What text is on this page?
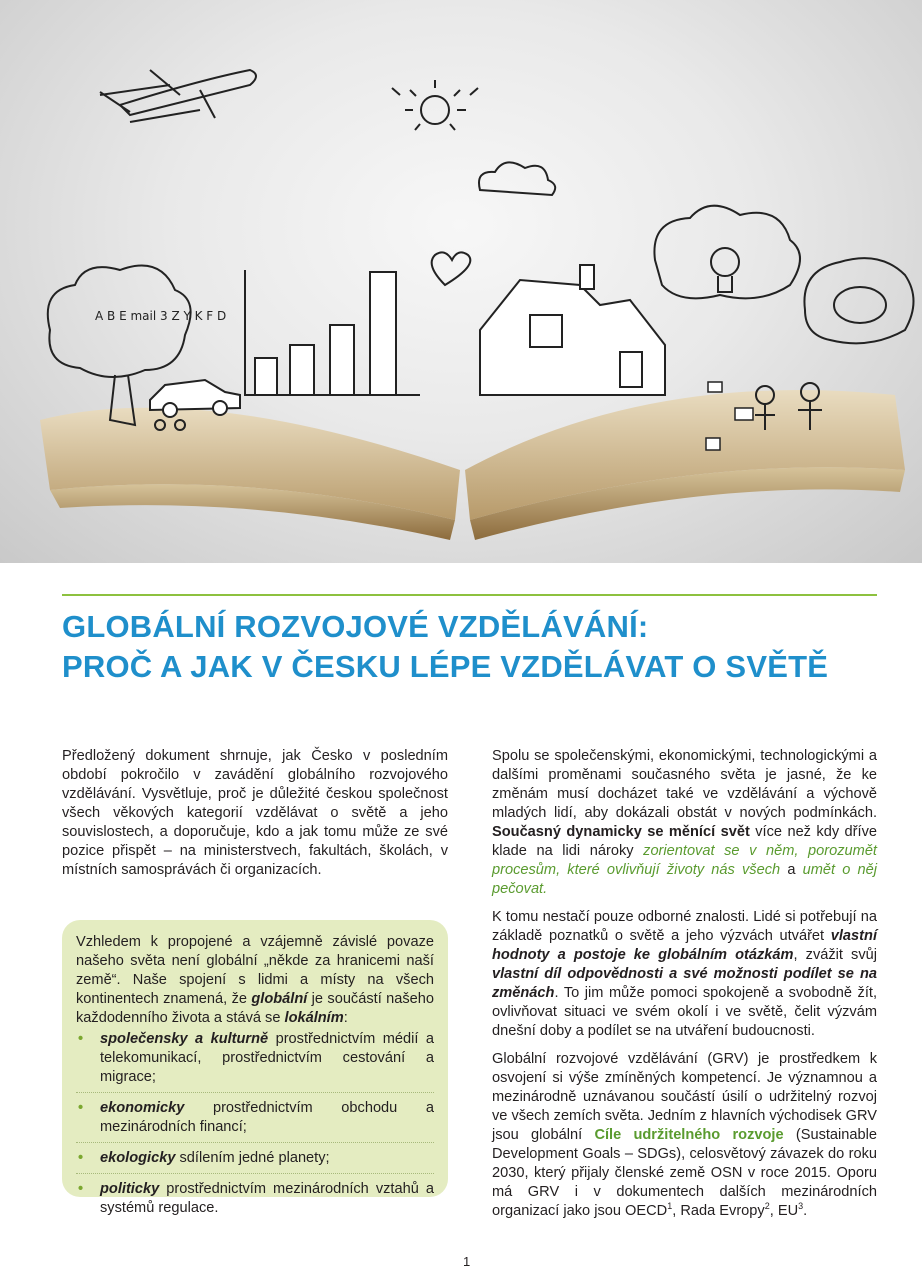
A B E mail 3 Z Y K F D
GLOBÁLNÍ ROZVOJOVÉ VZDĚLÁVÁNÍ:
PROČ A JAK V ČESKU LÉPE VZDĚLÁVAT O SVĚTĚ

Předložený dokument shrnuje, jak Česko v posledním období pokročilo v zavádění globálního rozvojového vzdělávání. Vysvětluje, proč je důležité českou společnost všech věkových kategorií vzdělávat o světě a jeho souvislostech, a doporučuje, kdo a jak tomu může ze své pozice přispět – na ministerstvech, fakultách, školách, v místních samosprávách či organizacích.

Vzhledem k propojené a vzájemně závislé povaze našeho světa není globální „někde za hranicemi naší země“. Naše spojení s lidmi a místy na všech kontinentech znamená, že globální je součástí našeho každodenního života a stává se lokálním:

• společensky a kulturně prostřednictvím médií a telekomunikací, prostřednictvím cestování a migrace;
• ekonomicky prostřednictvím obchodu a mezinárodních financí;
• ekologicky sdílením jedné planety;
• politicky prostřednictvím mezinárodních vztahů a systémů regulace.

Spolu se společenskými, ekonomickými, technologickými a dalšími proměnami současného světa je jasné, že ke změnám musí docházet také ve vzdělávání a výchově mladých lidí, aby dokázali obstát v nových podmínkách. Současný dynamicky se měnící svět více než kdy dříve klade na lidi nároky zorientovat se v něm, porozumět procesům, které ovlivňují životy nás všech a umět o něj pečovat.

K tomu nestačí pouze odborné znalosti. Lidé si potřebují na základě poznatků o světě a jeho výzvách utvářet vlastní hodnoty a postoje ke globálním otázkám, zvážit svůj vlastní díl odpovědnosti a své možnosti podílet se na změnách. To jim může pomoci spokojeně a svobodně žít, ovlivňovat situaci ve svém okolí i ve světě, čelit výzvám dnešní doby a podílet se na utváření budoucnosti.

Globální rozvojové vzdělávání (GRV) je prostředkem k osvojení si výše zmíněných kompetencí. Je významnou a mezinárodně uznávanou součástí úsilí o udržitelný rozvoj ve všech zemích světa. Jedním z hlavních východisek GRV jsou globální Cíle udržitelného rozvoje (Sustainable Development Goals – SDGs), celosvětový závazek do roku 2030, který přijaly členské země OSN v roce 2015. Oporu má GRV i v dokumentech dalších mezinárodních organizací jako jsou OECD$^1$, Rada Evropy$^2$, $EU^3$.

1
